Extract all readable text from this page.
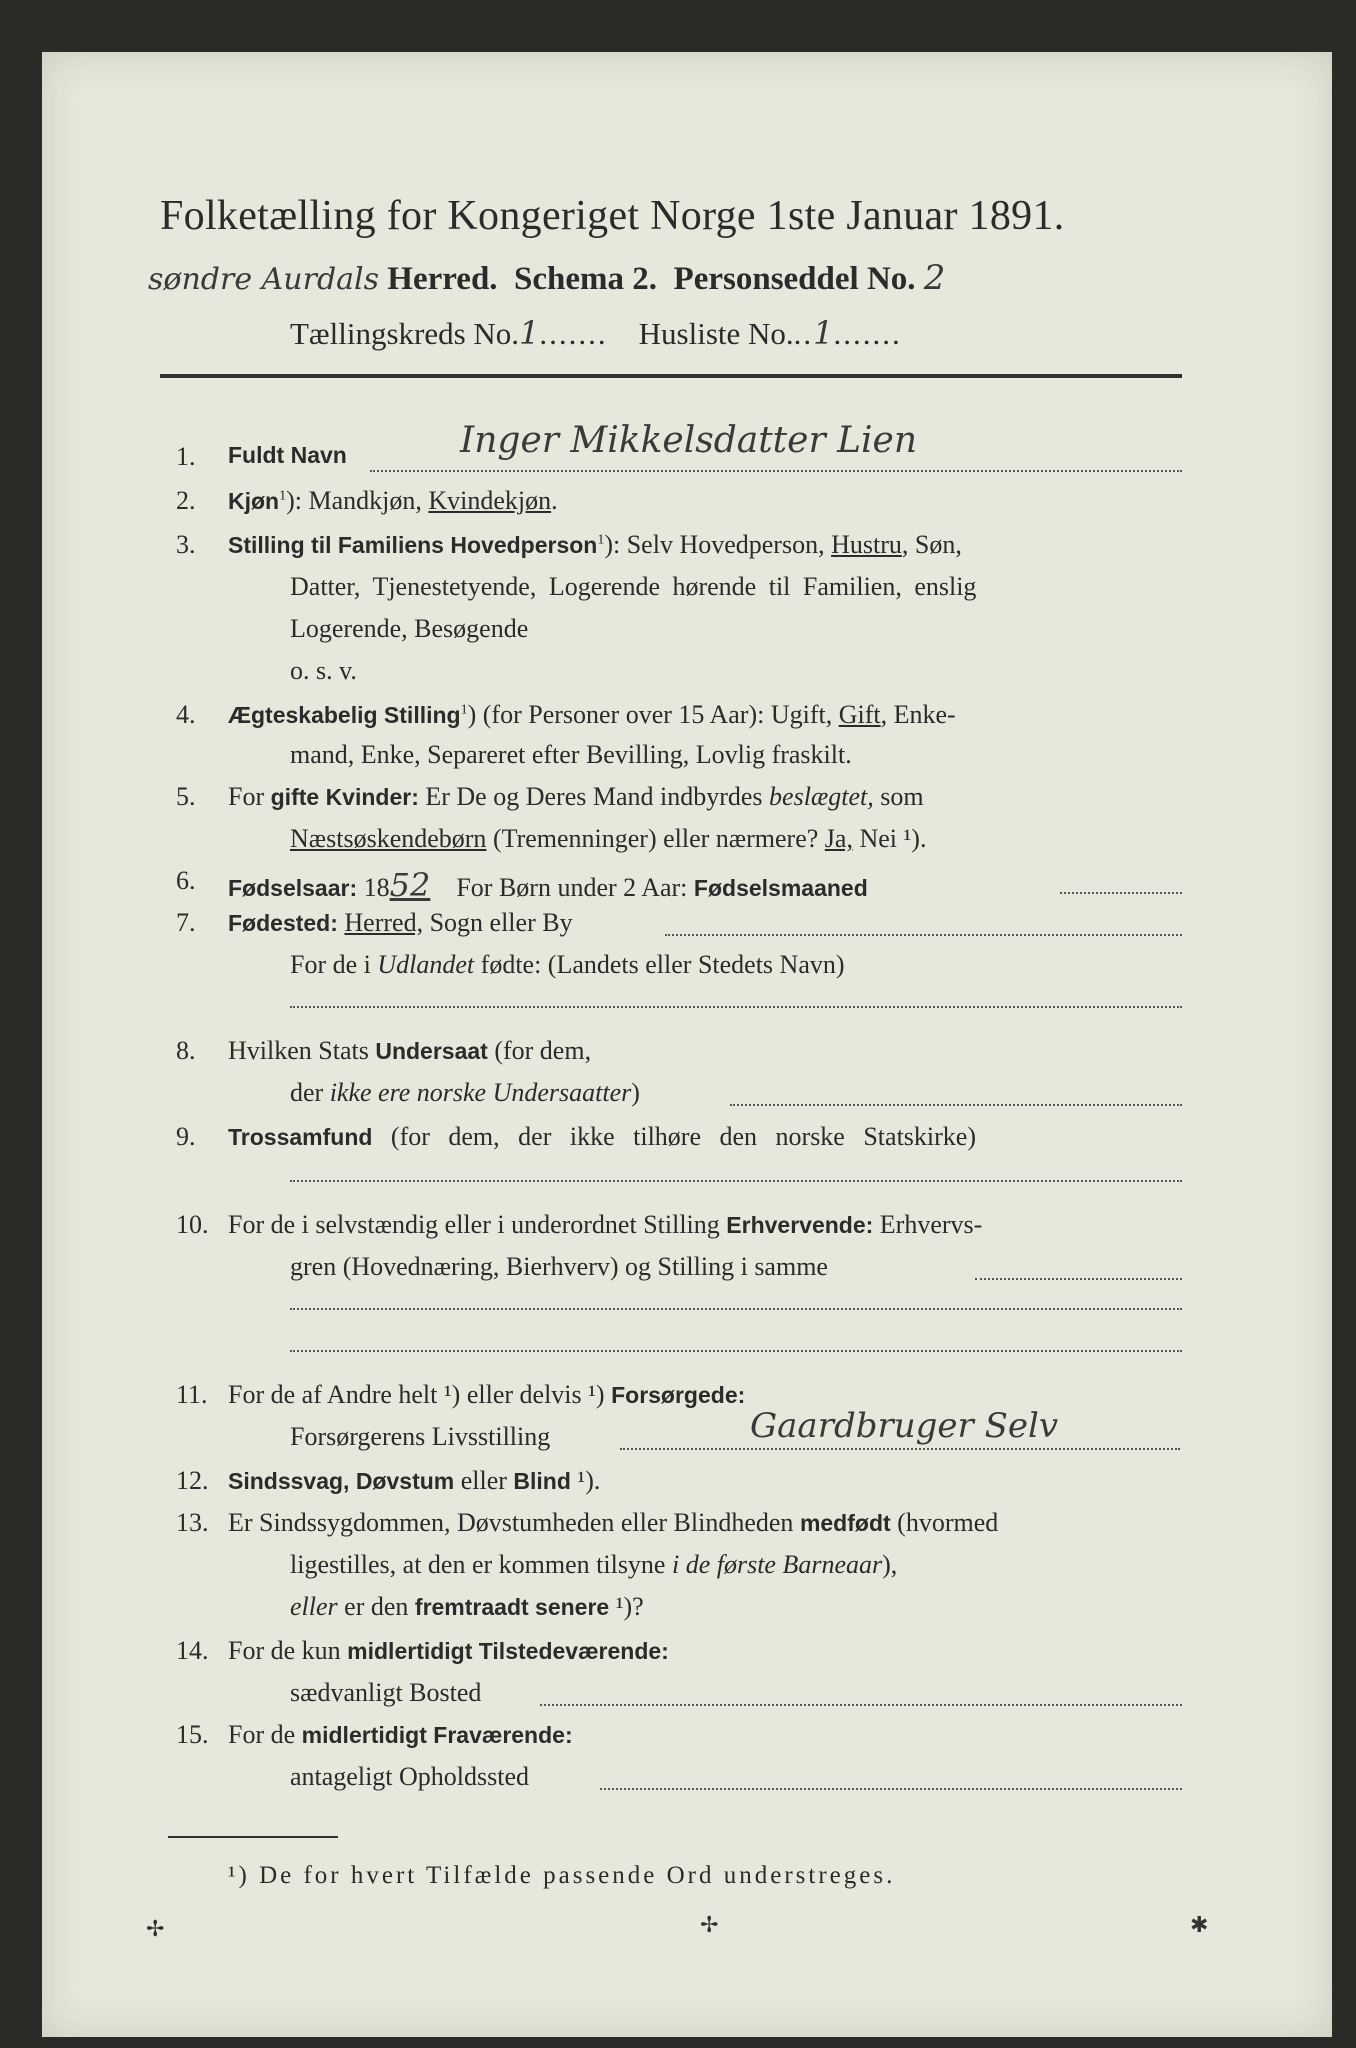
Folketælling for Kongeriget Norge 1ste Januar 1891.
søndre Aurdals Herred. Schema 2. Personseddel No. 2
Tællingskreds No.1....... Husliste No...1.......
1.	Fuldt Navn	Inger Mikkelsdatter Lien
2.	Kjøn$^1$): Mandkjøn, Kvindekjøn.
3.	Stilling til Familiens Hovedperson$^1$): Selv Hovedperson, Hustru, Søn,
Datter, Tjenestetyende, Logerende hørende til Familien, enslig
Logerende, Besøgende
o. s. v.
4.	Ægteskabelig Stilling$^1$) (for Personer over 15 Aar): Ugift, Gift, Enke-
mand, Enke, Separeret efter Bevilling, Lovlig fraskilt.
5.	For gifte Kvinder: Er De og Deres Mand indbyrdes beslægtet, som
Næstsøskendebørn (Tremenninger) eller nærmere? Ja, Nei ¹).
6.	Fødselsaar: 1852 For Børn under 2 Aar: Fødselsmaaned
7.	Fødested: Herred, Sogn eller By
For de i Udlandet fødte: (Landets eller Stedets Navn)
8.	Hvilken Stats Undersaat (for dem,
der ikke ere norske Undersaatter)
9.	Trossamfund (for dem, der ikke tilhøre den norske Statskirke)
10. For de i selvstændig eller i underordnet Stilling Erhvervende: Erhvervs-
gren (Hovednæring, Bierhverv) og Stilling i samme
11. For de af Andre helt ¹) eller delvis ¹) Forsørgede:
Forsørgerens Livsstilling	Gaardbruger Selv
12. Sindssvag, Døvstum eller Blind ¹).
13. Er Sindssygdommen, Døvstumheden eller Blindheden medfødt (hvormed
ligestilles, at den er kommen tilsyne i de første Barneaar),
eller er den fremtraadt senere ¹)?
14. For de kun midlertidigt Tilstedeværende:
sædvanligt Bosted
15. For de midlertidigt Fraværende:
antageligt Opholdssted
¹) De for hvert Tilfælde passende Ord understreges.
✢	✢	✱
